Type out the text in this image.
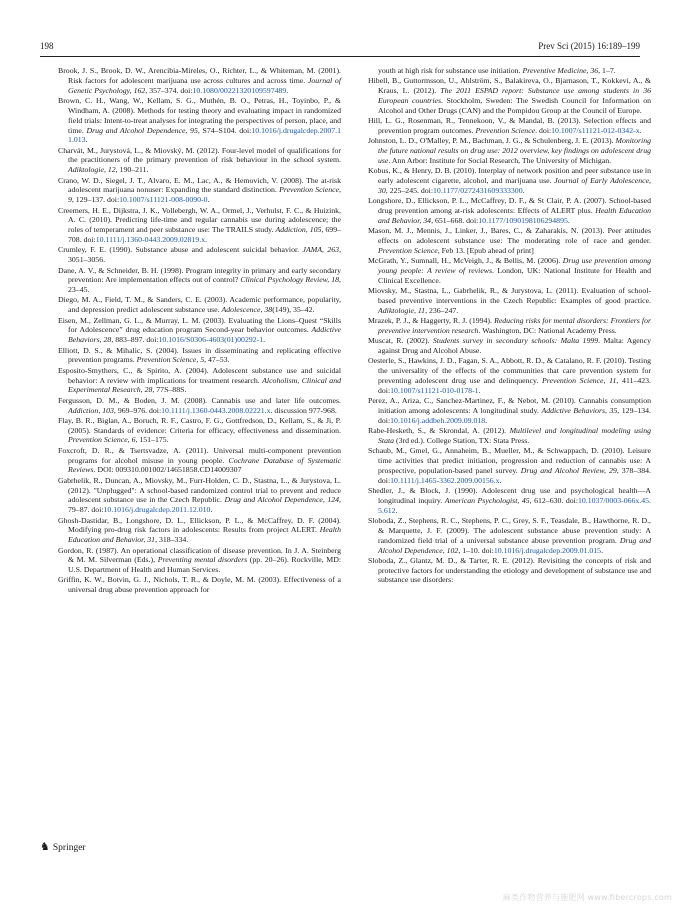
198	Prev Sci (2015) 16:189–199
Brook, J. S., Brook, D. W., Arencibia-Mireles, O., Richter, L., & Whiteman, M. (2001). Risk factors for adolescent marijuana use across cultures and across time. Journal of Genetic Psychology, 162, 357–374. doi:10.1080/00221320109597489.
Brown, C. H., Wang, W., Kellam, S. G., Muthén, B. O., Petras, H., Toyinbo, P., & Windham, A. (2008). Methods for testing theory and evaluating impact in randomized field trials: Intent-to-treat analyses for integrating the perspectives of person, place, and time. Drug and Alcohol Dependence, 95, S74–S104. doi:10.1016/j.drugalcdep.2007.11.013.
Charvát, M., Jurystová, L., & Miovský, M. (2012). Four-level model of qualifications for the practitioners of the primary prevention of risk behaviour in the school system. Adiktologie, 12, 190–211.
Crano, W. D., Siegel, J. T., Alvaro, E. M., Lac, A., & Hemovich, V. (2008). The at-risk adolescent marijuana nonuser: Expanding the standard distinction. Prevention Science, 9, 129–137. doi:10.1007/s11121-008-0090-0.
Creemers, H. E., Dijkstra, J. K., Vollebergh, W. A., Ormel, J., Verhulst, F. C., & Huizink, A. C. (2010). Predicting life-time and regular cannabis use during adolescence; the roles of temperament and peer substance use: The TRAILS study. Addiction, 105, 699–708. doi:10.1111/j.1360-0443.2009.02819.x.
Crumley, F. E. (1990). Substance abuse and adolescent suicidal behavior. JAMA, 263, 3051–3056.
Dane, A. V., & Schneider, B. H. (1998). Program integrity in primary and early secondary prevention: Are implementation effects out of control? Clinical Psychology Review, 18, 23–45.
Diego, M. A., Field, T. M., & Sanders, C. E. (2003). Academic performance, popularity, and depression predict adolescent substance use. Adolescence, 38(149), 35–42.
Eisen, M., Zellman, G. L., & Murray, L. M. (2003). Evaluating the Lions–Quest “Skills for Adolescence” drug education program Second-year behavior outcomes. Addictive Behaviors, 28, 883–897. doi:10.1016/S0306-4603(01)00292-1.
Elliott, D. S., & Mihalic, S. (2004). Issues in disseminating and replicating effective prevention programs. Prevention Science, 5, 47–53.
Esposito-Smythers, C., & Spirito, A. (2004). Adolescent substance use and suicidal behavior: A review with implications for treatment research. Alcoholism, Clinical and Experimental Research, 28, 77S–88S.
Fergusson, D. M., & Boden, J. M. (2008). Cannabis use and later life outcomes. Addiction, 103, 969–976. doi:10.1111/j.1360-0443.2008.02221.x. discussion 977-968.
Flay, B. R., Biglan, A., Boruch, R. F., Castro, F. G., Gottfredson, D., Kellam, S., & Ji, P. (2005). Standards of evidence: Criteria for efficacy, effectiveness and dissemination. Prevention Science, 6, 151–175.
Foxcroft, D. R., & Tsertsvadze, A. (2011). Universal multi-component prevention programs for alcohol misuse in young people. Cochrane Database of Systematic Reviews. DOI: 009310.001002/14651858.CD14009307
Gabrhelik, R., Duncan, A., Miovsky, M., Furr-Holden, C. D., Stastna, L., & Jurystova, L. (2012). "Unplugged": A school-based randomized control trial to prevent and reduce adolescent substance use in the Czech Republic. Drug and Alcohol Dependence, 124, 79–87. doi:10.1016/j.drugalcdep.2011.12.010.
Ghosh-Dastidar, B., Longshore, D. L., Ellickson, P. L., & McCaffrey, D. F. (2004). Modifying pro-drug risk factors in adolescents: Results from project ALERT. Health Education and Behavior, 31, 318–334.
Gordon, R. (1987). An operational classification of disease prevention. In J. A. Steinberg & M. M. Silverman (Eds.), Preventing mental disorders (pp. 20–26). Rockville, MD: U.S. Department of Health and Human Services.
Griffin, K. W., Botvin, G. J., Nichols, T. R., & Doyle, M. M. (2003). Effectiveness of a universal drug abuse prevention approach for
youth at high risk for substance use initiation. Preventive Medicine, 36, 1–7.
Hibell, B., Guttormsson, U., Ahlström, S., Balakireva, O., Bjarnason, T., Kokkevi, A., & Kraus, L. (2012). The 2011 ESPAD report: Substance use among students in 36 European countries. Stockholm, Sweden: The Swedish Council for Information on Alcohol and Other Drugs (CAN) and the Pompidou Group at the Council of Europe.
Hill, L. G., Rosenman, R., Tennekoon, V., & Mandal, B. (2013). Selection effects and prevention program outcomes. Prevention Science. doi:10.1007/s11121-012-0342-x.
Johnston, L. D., O'Malley, P. M., Bachman, J. G., & Schulenberg, J. E. (2013). Monitoring the future national results on drug use: 2012 overview, key findings on adolescent drug use. Ann Arbor: Institute for Social Research, The University of Michigan.
Kobus, K., & Henry, D. B. (2010). Interplay of network position and peer substance use in early adolescent cigarette, alcohol, and marijuana use. Journal of Early Adolescence, 30, 225–245. doi:10.1177/0272431609333300.
Longshore, D., Ellickson, P. L., McCaffrey, D. F., & St Clair, P. A. (2007). School-based drug prevention among at-risk adolescents: Effects of ALERT plus. Health Education and Behavior, 34, 651–668. doi:10.1177/1090198106294895.
Mason, M. J., Mennis, J., Linker, J., Bares, C., & Zaharakis, N. (2013). Peer attitudes effects on adolescent substance use: The moderating role of race and gender. Prevention Science, Feb 13. [Epub ahead of print]
McGrath, Y., Sumnall, H., McVeigh, J., & Bellis, M. (2006). Drug use prevention among young people: A review of reviews. London, UK: National Institute for Health and Clinical Excellence.
Miovsky, M., Stastna, L., Gabrhelik, R., & Jurystova, L. (2011). Evaluation of school-based preventive interventions in the Czech Republic: Examples of good practice. Adiktologie, 11, 236–247.
Mrazek, P. J., & Haggerty, R. J. (1994). Reducing risks for mental disorders: Frontiers for preventive intervention research. Washington, DC: National Academy Press.
Muscat, R. (2002). Students survey in secondary schools: Malta 1999. Malta: Agency against Drug and Alcohol Abuse.
Oesterle, S., Hawkins, J. D., Fagan, S. A., Abbott, R. D., & Catalano, R. F. (2010). Testing the universality of the effects of the communities that care prevention system for preventing adolescent drug use and delinquency. Prevention Science, 11, 411–423. doi:10.1007/s11121-010-0178-1.
Perez, A., Ariza, C., Sanchez-Martinez, F., & Nebot, M. (2010). Cannabis consumption initiation among adolescents: A longitudinal study. Addictive Behaviors, 35, 129–134. doi:10.1016/j.addbeh.2009.09.018.
Rabe-Hesketh, S., & Skrondal, A. (2012). Multilevel and longitudinal modeling using Stata (3rd ed.). College Station, TX: Stata Press.
Schaub, M., Gmel, G., Annaheim, B., Mueller, M., & Schwappach, D. (2010). Leisure time activities that predict initiation, progression and reduction of cannabis use: A prospective, population-based panel survey. Drug and Alcohol Review, 29, 378–384. doi:10.1111/j.1465-3362.2009.00156.x.
Shedler, J., & Block, J. (1990). Adolescent drug use and psychological health—A longitudinal inquiry. American Psychologist, 45, 612–630. doi:10.1037/0003-066x.45.5.612.
Sloboda, Z., Stephens, R. C., Stephens, P. C., Grey, S. F., Teasdale, B., Hawthorne, R. D., & Marquette, J. F. (2009). The adolescent substance abuse prevention study: A randomized field trial of a universal substance abuse prevention program. Drug and Alcohol Dependence, 102, 1–10. doi:10.1016/j.drugalcdep.2009.01.015.
Sloboda, Z., Glantz, M. D., & Tarter, R. E. (2012). Revisiting the concepts of risk and protective factors for understanding the etiology and development of substance use and substance use disorders:
♞ Springer
麻类作物营养与施肥网 www.fibercrops.com
